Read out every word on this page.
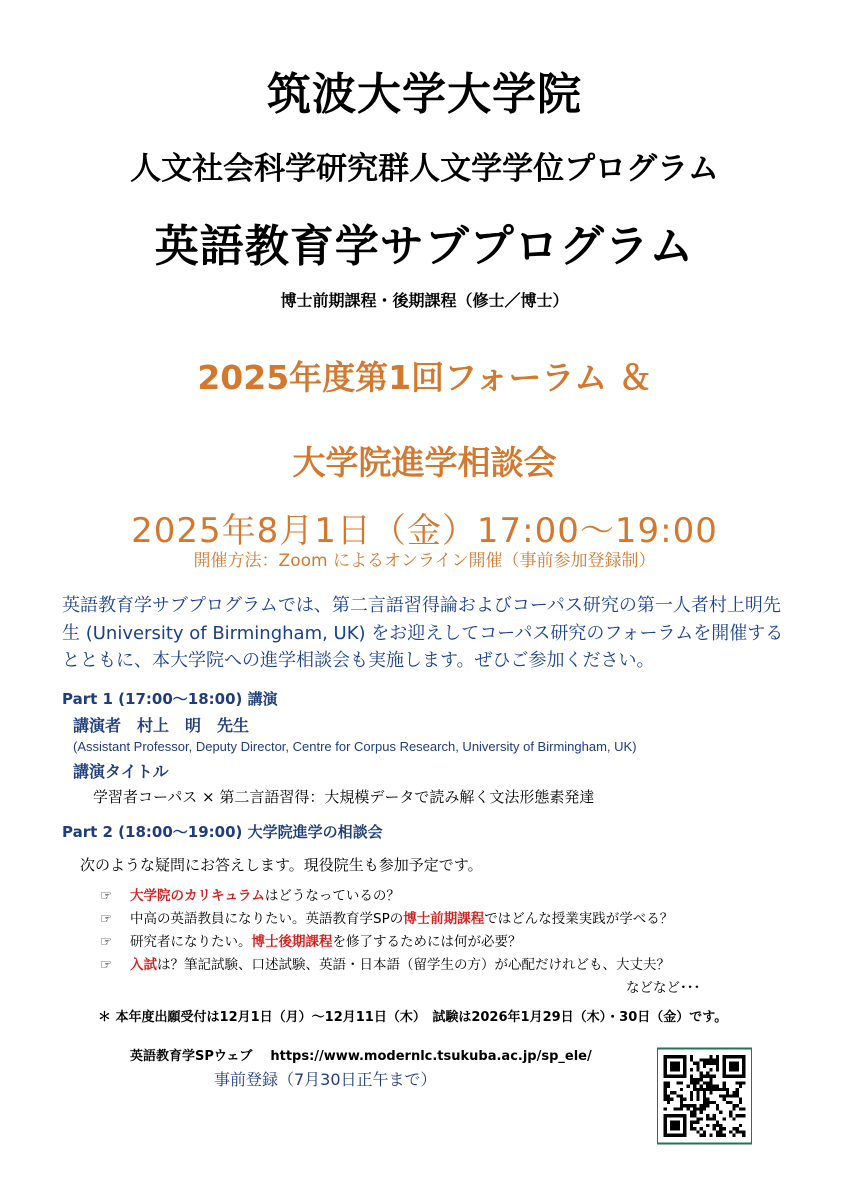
筑波大学大学院
人文社会科学研究群人文学学位プログラム
英語教育学サブプログラム
博士前期課程・後期課程（修士／博士）
2025年度第1回フォーラム ＆
大学院進学相談会
2025年8月1日（金）17:00～19:00
開催方法：Zoom によるオンライン開催（事前参加登録制）
英語教育学サブプログラムでは、第二言語習得論およびコーパス研究の第一人者村上明先生 (University of Birmingham, UK) をお迎えしてコーパス研究のフォーラムを開催するとともに、本大学院への進学相談会も実施します。ぜひご参加ください。
Part 1 (17:00～18:00) 講演
講演者　村上　明　先生
(Assistant Professor, Deputy Director, Centre for Corpus Research, University of Birmingham, UK)
講演タイトル
学習者コーパス × 第二言語習得：大規模データで読み解く文法形態素発達
Part 2 (18:00～19:00) 大学院進学の相談会
次のような疑問にお答えします。現役院生も参加予定です。
☞ 大学院のカリキュラムはどうなっているの？
☞ 中高の英語教員になりたい。英語教育学SPの博士前期課程ではどんな授業実践が学べる？
☞ 研究者になりたい。博士後期課程を修了するためには何が必要？
☞ 入試は？筆記試験、口述試験、英語・日本語（留学生の方）が心配だけれども、大丈夫？
などなど･･･
＊ 本年度出願受付は12月1日（月）～12月11日（木）　試験は2026年1月29日（木）・30日（金）です。
英語教育学SPウェブ https://www.modernlc.tsukuba.ac.jp/sp_ele/
事前登録（7月30日正午まで）
